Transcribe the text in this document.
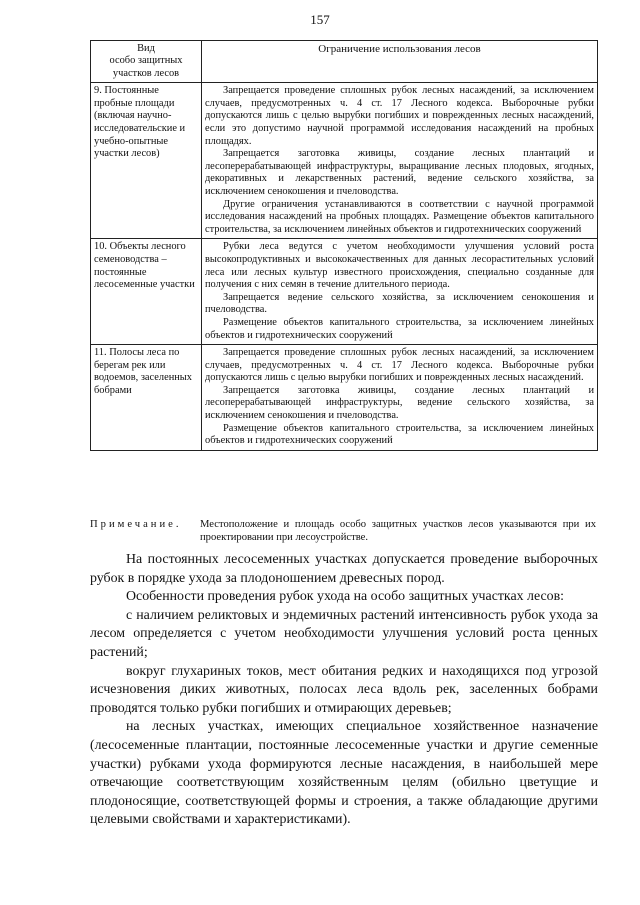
157
Вид
особо защитных
участков лесов	Ограничение использования лесов
9. Постоянные пробные площади (включая научно-исследовательские и учебно-опытные участки лесов)	Запрещается проведение сплошных рубок лесных насаждений, за исключением случаев, предусмотренных ч. 4 ст. 17 Лесного кодекса. Выборочные рубки допускаются лишь с целью вырубки погибших и поврежденных лесных насаждений, если это допустимо научной программой исследования насаждений на пробных площадях.

Запрещается заготовка живицы, создание лесных плантаций и лесоперерабатывающей инфраструктуры, выращивание лесных плодовых, ягодных, декоративных и лекарственных растений, ведение сельского хозяйства, за исключением сенокошения и пчеловодства.

Другие ограничения устанавливаются в соответствии с научной программой исследования насаждений на пробных площадях. Размещение объектов капитального строительства, за исключением линейных объектов и гидротехнических сооружений

10. Объекты лесного семеноводства – постоянные лесосеменные участки	Рубки леса ведутся с учетом необходимости улучшения условий роста высокопродуктивных и высококачественных для данных лесорастительных условий леса или лесных культур известного происхождения, специально созданные для получения с них семян в течение длительного периода.

Запрещается ведение сельского хозяйства, за исключением сенокошения и пчеловодства.

Размещение объектов капитального строительства, за исключением линейных объектов и гидротехнических сооружений

11. Полосы леса по берегам рек или водоемов, заселенных бобрами	Запрещается проведение сплошных рубок лесных насаждений, за исключением случаев, предусмотренных ч. 4 ст. 17 Лесного кодекса. Выборочные рубки допускаются лишь с целью вырубки погибших и поврежденных лесных насаждений.

Запрещается заготовка живицы, создание лесных плантаций и лесоперерабатывающей инфраструктуры, ведение сельского хозяйства, за исключением сенокошения и пчеловодства.

Размещение объектов капитального строительства, за исключением линейных объектов и гидротехнических сооружений

Примечание. Местоположение и площадь особо защитных участков лесов указываются при их проектировании при лесоустройстве.

На постоянных лесосеменных участках допускается проведение выборочных рубок в порядке ухода за плодоношением древесных пород.

Особенности проведения рубок ухода на особо защитных участках лесов:

с наличием реликтовых и эндемичных растений интенсивность рубок ухода за лесом определяется с учетом необходимости улучшения условий роста ценных растений;

вокруг глухариных токов, мест обитания редких и находящихся под угрозой исчезновения диких животных, полосах леса вдоль рек, заселенных бобрами проводятся только рубки погибших и отмирающих деревьев;

на лесных участках, имеющих специальное хозяйственное назначение (лесосеменные плантации, постоянные лесосеменные участки и другие семенные участки) рубками ухода формируются лесные насаждения, в наибольшей мере отвечающие соответствующим хозяйственным целям (обильно цветущие и плодоносящие, соответствующей формы и строения, а также обладающие другими целевыми свойствами и характеристиками).
